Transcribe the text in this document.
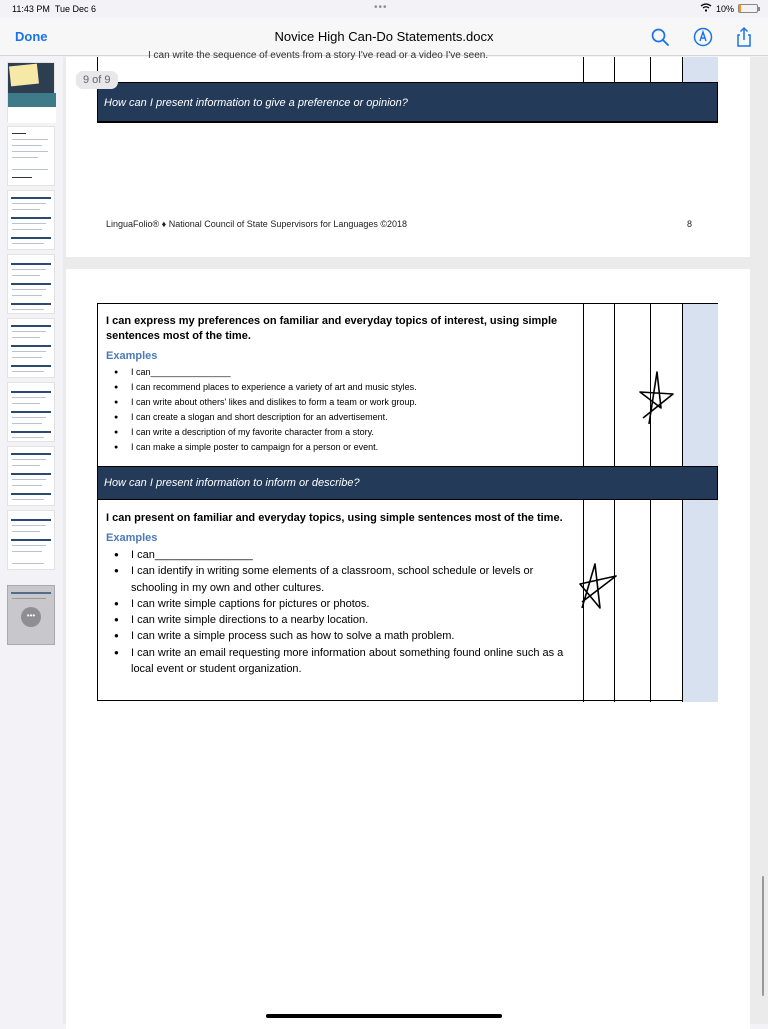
11:43 PM Tue Dec 6	•••	10%
Done	Novice High Can-Do Statements.docx
•••
I can write the sequence of events from a story I've read or a video I've seen.
How can I present information to give a preference or opinion?
LinguaFolio® ♦ National Council of State Supervisors for Languages ©2018	8
I can express my preferences on familiar and everyday topics of interest, using simple sentences most of the time.
Examples
● I can________________
● I can recommend places to experience a variety of art and music styles.
● I can write about others' likes and dislikes to form a team or work group.
● I can create a slogan and short description for an advertisement.
● I can write a description of my favorite character from a story.
● I can make a simple poster to campaign for a person or event.
How can I present information to inform or describe?
I can present on familiar and everyday topics, using simple sentences most of the time.
Examples
● I can________________
● I can identify in writing some elements of a classroom, school schedule or levels or schooling in my own and other cultures.
● I can write simple captions for pictures or photos.
● I can write simple directions to a nearby location.
● I can write a simple process such as how to solve a math problem.
● I can write an email requesting more information about something found online such as a local event or student organization.
9 of 9
